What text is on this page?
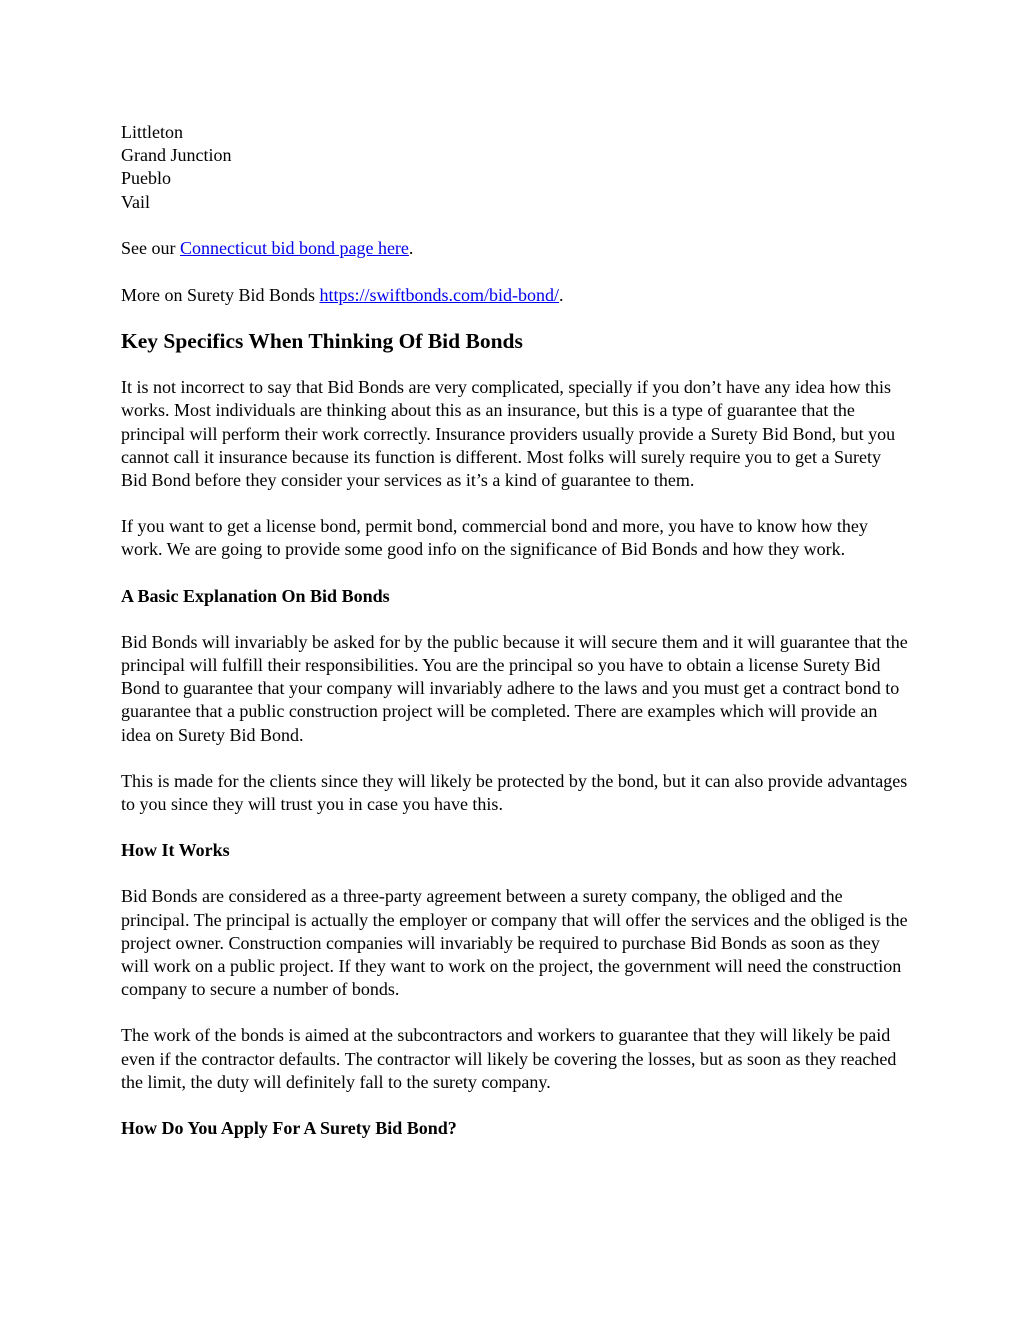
Littleton
Grand Junction
Pueblo
Vail

See our Connecticut bid bond page here.

More on Surety Bid Bonds https://swiftbonds.com/bid-bond/.

Key Specifics When Thinking Of Bid Bonds

It is not incorrect to say that Bid Bonds are very complicated, specially if you don’t have any idea how this works. Most individuals are thinking about this as an insurance, but this is a type of guarantee that the principal will perform their work correctly. Insurance providers usually provide a Surety Bid Bond, but you cannot call it insurance because its function is different. Most folks will surely require you to get a Surety Bid Bond before they consider your services as it’s a kind of guarantee to them.

If you want to get a license bond, permit bond, commercial bond and more, you have to know how they work. We are going to provide some good info on the significance of Bid Bonds and how they work.

A Basic Explanation On Bid Bonds

Bid Bonds will invariably be asked for by the public because it will secure them and it will guarantee that the principal will fulfill their responsibilities. You are the principal so you have to obtain a license Surety Bid Bond to guarantee that your company will invariably adhere to the laws and you must get a contract bond to guarantee that a public construction project will be completed. There are examples which will provide an idea on Surety Bid Bond.

This is made for the clients since they will likely be protected by the bond, but it can also provide advantages to you since they will trust you in case you have this.

How It Works

Bid Bonds are considered as a three-party agreement between a surety company, the obliged and the principal. The principal is actually the employer or company that will offer the services and the obliged is the project owner. Construction companies will invariably be required to purchase Bid Bonds as soon as they will work on a public project. If they want to work on the project, the government will need the construction company to secure a number of bonds.

The work of the bonds is aimed at the subcontractors and workers to guarantee that they will likely be paid even if the contractor defaults. The contractor will likely be covering the losses, but as soon as they reached the limit, the duty will definitely fall to the surety company.

How Do You Apply For A Surety Bid Bond?
